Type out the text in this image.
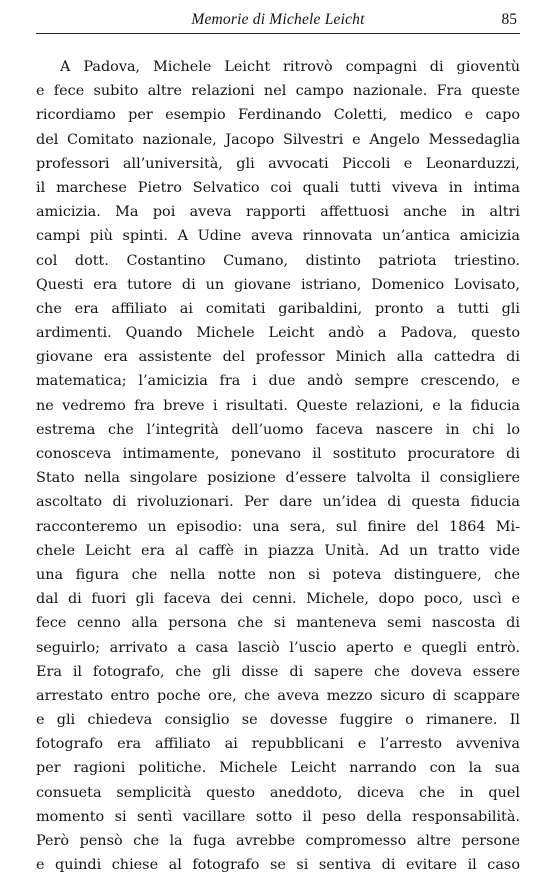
Memorie di Michele Leicht	85
A Padova, Michele Leicht ritrovò compagni di gioventù
e fece subito altre relazioni nel campo nazionale. Fra queste
ricordiamo per esempio Ferdinando Coletti, medico e capo
del Comitato nazionale, Jacopo Silvestri e Angelo Messedaglia
professori all’università, gli avvocati Piccoli e Leonarduzzi,
il marchese Pietro Selvatico coi quali tutti viveva in intima
amicizia. Ma poi aveva rapporti affettuosi anche in altri
campi più spinti. A Udine aveva rinnovata un’antica amicizia
col dott. Costantino Cumano, distinto patriota triestino.
Questi era tutore di un giovane istriano, Domenico Lovisato,
che era affiliato ai comitati garibaldini, pronto a tutti gli
ardimenti. Quando Michele Leicht andò a Padova, questo
giovane era assistente del professor Minich alla cattedra di
matematica; l’amicizia fra i due andò sempre crescendo, e
ne vedremo fra breve i risultati. Queste relazioni, e la fiducia
estrema che l’integrità dell’uomo faceva nascere in chi lo
conosceva intimamente, ponevano il sostituto procuratore di
Stato nella singolare posizione d’essere talvolta il consigliere
ascoltato di rivoluzionari. Per dare un’idea di questa fiducia
racconteremo un episodio: una sera, sul finire del 1864 Mi-
chele Leicht era al caffè in piazza Unità. Ad un tratto vide
una figura che nella notte non si poteva distinguere, che
dal di fuori gli faceva dei cenni. Michele, dopo poco, uscì e
fece cenno alla persona che si manteneva semi nascosta di
seguirlo; arrivato a casa lasciò l’uscio aperto e quegli entrò.
Era il fotografo, che gli disse di sapere che doveva essere
arrestato entro poche ore, che aveva mezzo sicuro di scappare
e gli chiedeva consiglio se dovesse fuggire o rimanere. Il
fotografo era affiliato ai repubblicani e l’arresto avveniva
per ragioni politiche. Michele Leicht narrando con la sua
consueta semplicità questo aneddoto, diceva che in quel
momento si sentì vacillare sotto il peso della responsabilità.
Però pensò che la fuga avrebbe compromesso altre persone
e quindi chiese al fotografo se si sentiva di evitare il caso
